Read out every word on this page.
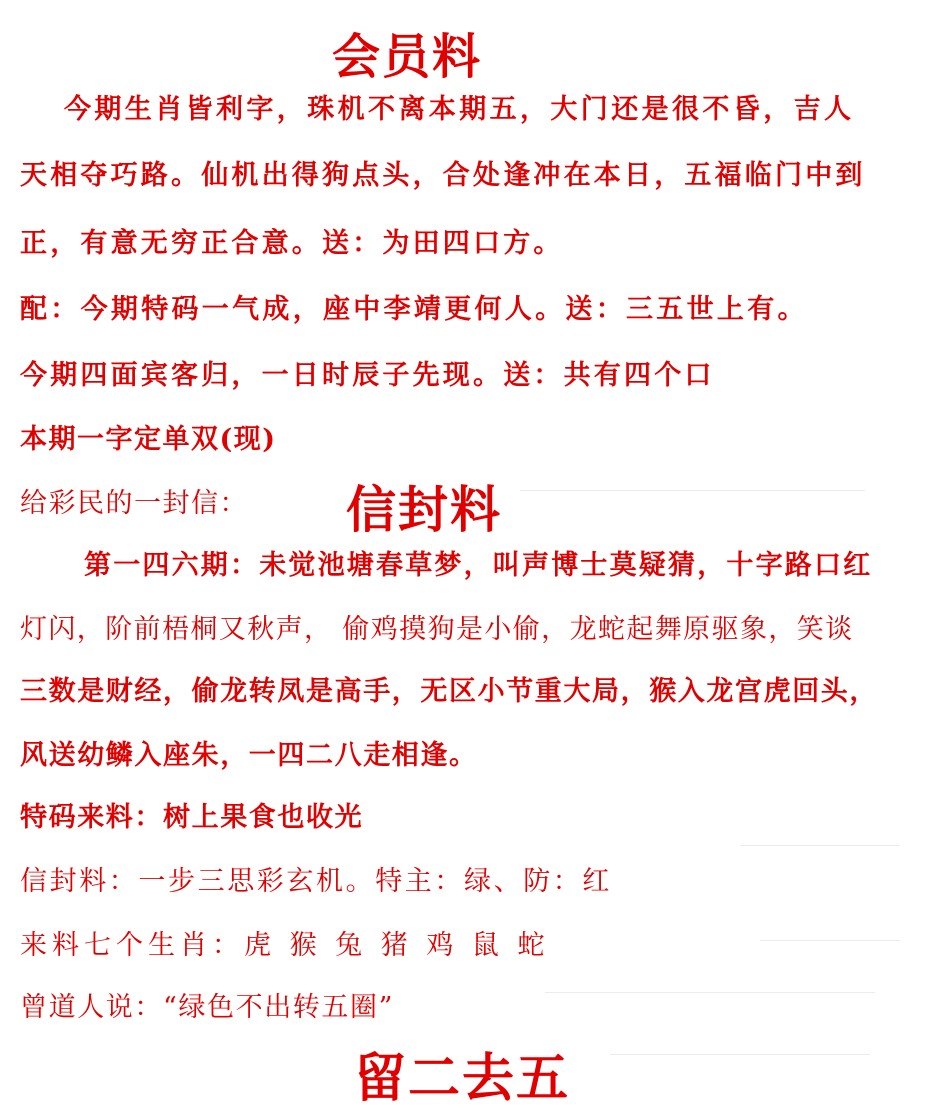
会员料
今期生肖皆利字，珠机不离本期五，大门还是很不昏，吉人
天相夺巧路。仙机出得狗点头，合处逢冲在本日，五福临门中到
正，有意无穷正合意。送：为田四口方。
配：今期特码一气成，座中李靖更何人。送：三五世上有。
今期四面宾客归，一日时辰子先现。送：共有四个口
本期一字定单双(现)
给彩民的一封信： 信封料
第一四六期：未觉池塘春草梦，叫声博士莫疑猜，十字路口红
灯闪，阶前梧桐又秋声， 偷鸡摸狗是小偷，龙蛇起舞原驱象，笑谈
三数是财经，偷龙转凤是高手，无区小节重大局，猴入龙宫虎回头，
风送幼鳞入座朱，一四二八走相逢。
特码来料：树上果食也收光
信封料：一步三思彩玄机。特主：绿、防：红
来料七个生肖：虎 猴 兔 猪 鸡 鼠 蛇
曾道人说：“绿色不出转五圈”
留二去五
